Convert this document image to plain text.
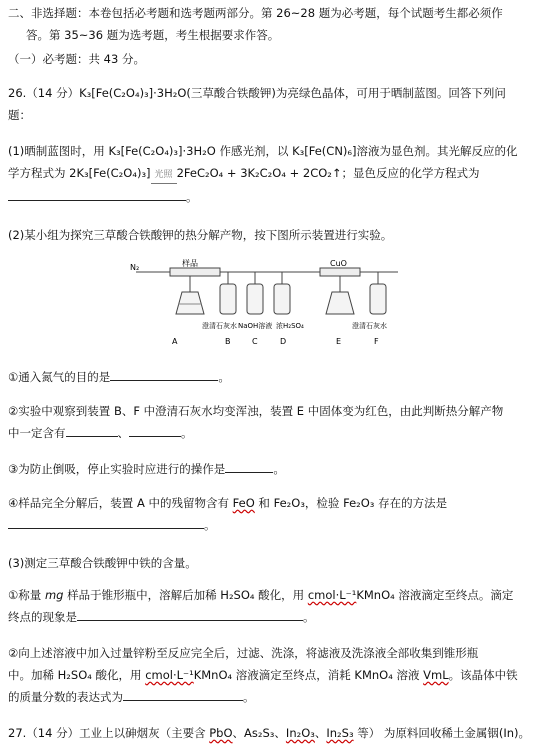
二、非选择题：本卷包括必考题和选考题两部分。第 26~28 题为必考题，每个试题考生都必须作
答。第 35~36 题为选考题，考生根据要求作答。
（一）必考题：共 43 分。
26.（14 分）K₃[Fe(C₂O₄)₃]·3H₂O(三草酸合铁酸钾)为亮绿色晶体，可用于晒制蓝图。回答下列问
题：
(1)晒制蓝图时，用 K₃[Fe(C₂O₄)₃]·3H₂O 作感光剂，以 K₃[Fe(CN)₆]溶液为显色剂。其光解反应的化
学方程式为 2K₃[Fe(C₂O₄)₃] 光照 2FeC₂O₄ + 3K₂C₂O₄ + 2CO₂↑；显色反应的化学方程式为
。
(2)某小组为探究三草酸合铁酸钾的热分解产物，按下图所示装置进行实验。
N₂	样品	CuO
澄清石灰水 NaOH溶液 浓H₂SO₄	澄清石灰水
A	B	C	D	E	F
①通入氮气的目的是	。
②实验中观察到装置 B、F 中澄清石灰水均变浑浊，装置 E 中固体变为红色，由此判断热分解产物
中一定含有	、	。
③为防止倒吸，停止实验时应进行的操作是	。
④样品完全分解后，装置 A 中的残留物含有 FeO 和 Fe₂O₃，检验 Fe₂O₃ 存在的方法是
。
(3)测定三草酸合铁酸钾中铁的含量。
①称量 mg 样品于锥形瓶中，溶解后加稀 H₂SO₄ 酸化，用 cmol·L⁻¹KMnO₄ 溶液滴定至终点。滴定
终点的现象是	。
②向上述溶液中加入过量锌粉至反应完全后，过滤、洗涤，将滤液及洗涤液全部收集到锥形瓶
中。加稀 H₂SO₄ 酸化，用 cmol·L⁻¹KMnO₄ 溶液滴定至终点，消耗 KMnO₄ 溶液 VmL。该晶体中铁
的质量分数的表达式为	。
27.（14 分）工业上以砷烟灰（主要含 PbO、As₂S₃、In₂O₃、In₂S₃ 等） 为原料回收稀土金属铟(In)。
